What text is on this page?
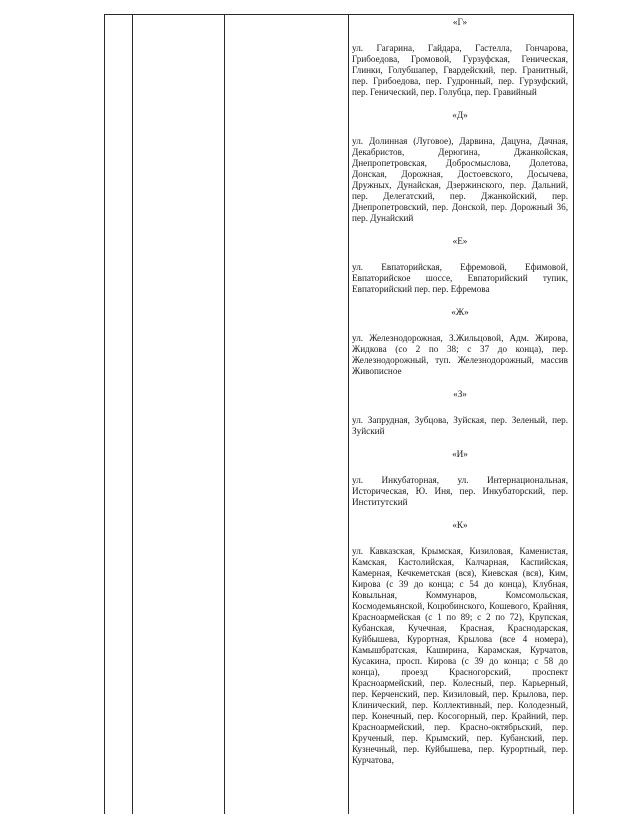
«Г»

ул. Гагарина, Гайдара, Гастелла, Гончарова, Грибоедова, Громовой, Гурзуфская, Геническая, Глинки, Голубшапер, Гвардейский, пер. Гранитный, пер. Грибоедова, пер. Гудронный, пер. Гурзуфский, пер. Генический, пер. Голубца, пер. Гравийный

«Д»

ул. Долинная (Луговое), Дарвина, Дацуна, Дачная, Декабристов, Дерюгина, Джанкойская, Днепропетровская, Добросмыслова, Долетова, Донская, Дорожная, Достоевского, Досычева, Дружных, Дунайская, Дзержинского, пер. Дальний, пер. Делегатский, пер. Джанкойский, пер. Днепропетровский, пер. Донской, пер. Дорожный 36, пер. Дунайский

«Е»

ул. Евпаторийская, Ефремовой, Ефимовой, Евпаторийское шоссе, Евпаторийский тупик, Евпаторийский пер. пер. Ефремова

«Ж»

ул. Железнодорожная, З.Жильцовой, Адм. Жирова, Жидкова (со 2 по 38; с 37 до конца), пер. Железнодорожный, туп. Железнодорожный, массив Живописное

«З»

ул. Запрудная, Зубцова, Зуйская, пер. Зеленый, пер. Зуйский

«И»

ул. Инкубаторная, ул. Интернациональная, Историческая, Ю. Иня, пер. Инкубаторский, пер. Институтский

«К»

ул. Кавказская, Крымская, Кизиловая, Каменистая, Камская, Кастолийская, Калчарная, Каспийская, Камерная, Кечкеметская (вся), Киевская (вся), Ким, Кирова (с 39 до конца; с 54 до конца), Клубная, Ковыльная, Коммунаров, Комсомольская, Космодемьянской, Коцюбинского, Кошевого, Крайняя, Красноармейская (с 1 по 89; с 2 по 72), Крупская, Кубанская, Кучечная, Красная, Краснодарская, Куйбышева, Курортная, Крылова (все 4 номера), Камышбратская, Каширина, Карамская, Курчатов, Кусакина, просп. Кирова (с 39 до конца; с 58 до конца), проезд Красногорский, проспект Красноармейский, пер. Колесный, пер. Карьерный, пер. Керченский, пер. Кизиловый, пер. Крылова, пер. Клинический, пер. Коллективный, пер. Колодезный, пер. Конечный, пер. Косогорный, пер. Крайний, пер. Красноармейский, пер. Красно-октябрьский, пер. Крученый, пер. Крымский, пер. Кубанский, пер. Кузнечный, пер. Куйбышева, пер. Курортный, пер. Курчатова,
